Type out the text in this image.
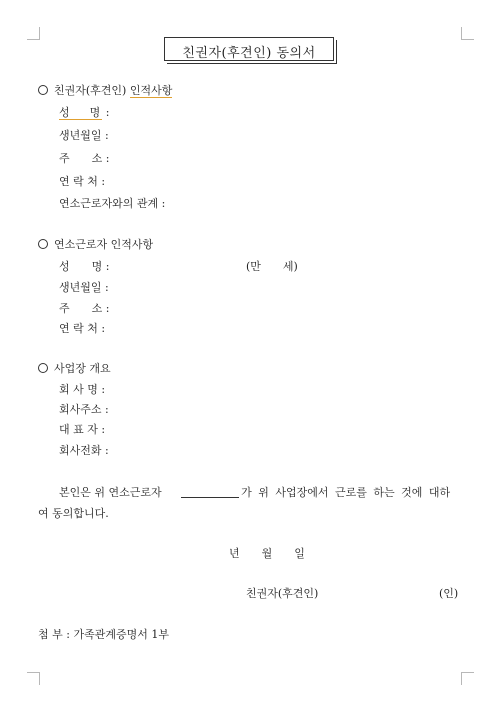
친권자(후견인) 동의서
친권자(후견인) 인적사항
성 명 :
생년월일 :
주 소 :
연 락 처 :
연소근로자와의 관계 :
연소근로자 인적사항
성 명 :	(만 세)
생년월일 :
주 소 :
연 락 처 :
사업장 개요
회 사 명 :
회사주소 :
대 표 자 :
회사전화 :
본인은 위 연소근로자	가 위 사업장에서 근로를 하는 것에 대하
여 동의합니다.
년 월 일
친권자(후견인)	(인)
첨 부 : 가족관계증명서 1부
